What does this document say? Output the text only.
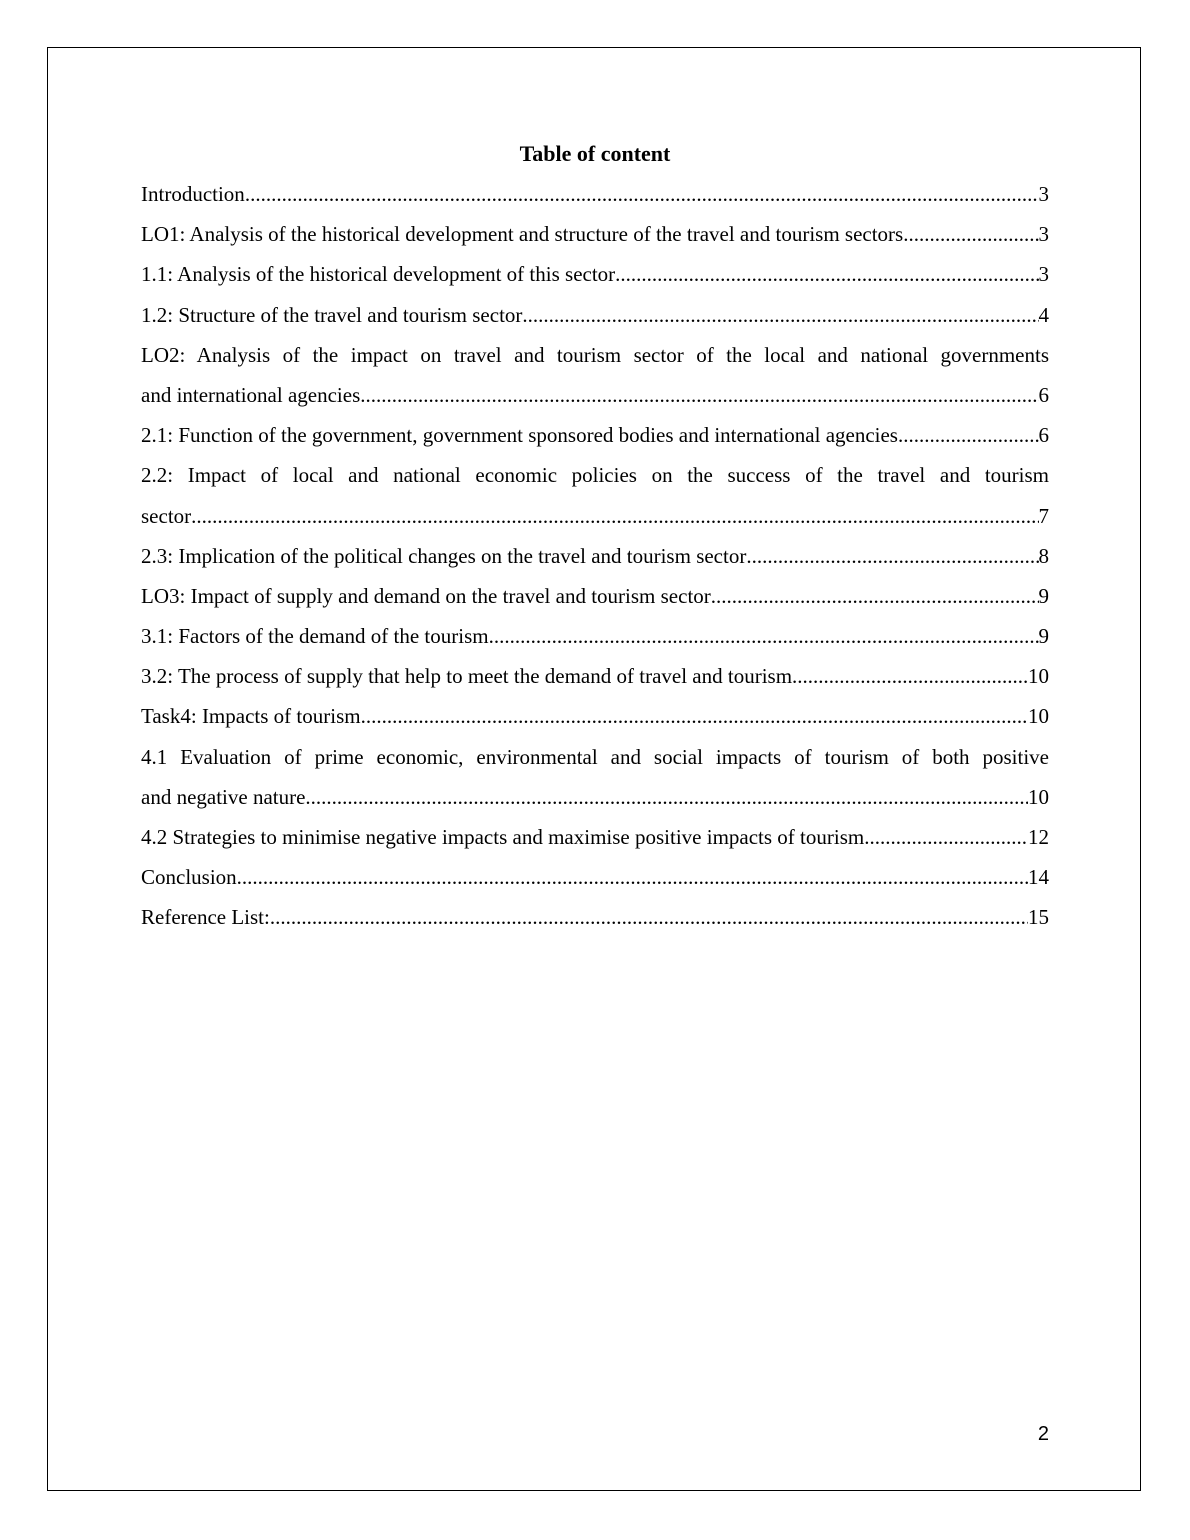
Table of content
Introduction .....	3
LO1: Analysis of the historical development and structure of the travel and tourism sectors .....	3
1.1: Analysis of the historical development of this sector .....	3
1.2: Structure of the travel and tourism sector .....	4
LO2: Analysis of the impact on travel and tourism sector of the local and national governments
and international agencies .....	6
2.1: Function of the government, government sponsored bodies and international agencies .....	6
2.2: Impact of local and national economic policies on the success of the travel and tourism
sector .....	7
2.3: Implication of the political changes on the travel and tourism sector .....	8
LO3: Impact of supply and demand on the travel and tourism sector .....	9
3.1: Factors of the demand of the tourism .....	9
3.2: The process of supply that help to meet the demand of travel and tourism .....	10
Task4: Impacts of tourism .....	10
4.1 Evaluation of prime economic, environmental and social impacts of tourism of both positive
and negative nature .....	10
4.2 Strategies to minimise negative impacts and maximise positive impacts of tourism. .....	12
Conclusion .....	14
Reference List: .....	15
2
